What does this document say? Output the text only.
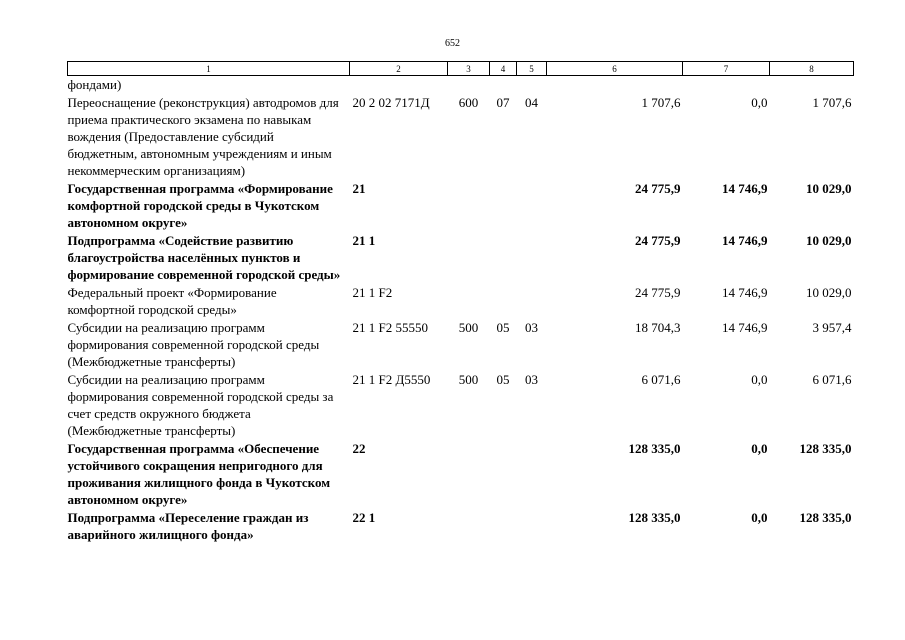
652
1	2	3	4	5	6	7	8
фондами)							
Переоснащение (реконструкция) автодромов для приема практического экзамена по навыкам вождения (Предоставление субсидий бюджетным, автономным учреждениям и иным некоммерческим организациям)	20 2 02 7171Д	600	07	04	1 707,6	0,0	1 707,6
Государственная программа «Формирование комфортной городской среды в Чукотском автономном округе»	21				24 775,9	14 746,9	10 029,0
Подпрограмма «Содействие развитию благоустройства населённых пунктов и формирование современной городской среды»	21 1				24 775,9	14 746,9	10 029,0
Федеральный проект «Формирование комфортной городской среды»	21 1 F2				24 775,9	14 746,9	10 029,0
Субсидии на реализацию программ формирования современной городской среды (Межбюджетные трансферты)	21 1 F2 55550	500	05	03	18 704,3	14 746,9	3 957,4
Субсидии на реализацию программ формирования современной городской среды за счет средств окружного бюджета (Межбюджетные трансферты)	21 1 F2 Д5550	500	05	03	6 071,6	0,0	6 071,6
Государственная программа «Обеспечение устойчивого сокращения непригодного для проживания жилищного фонда в Чукотском автономном округе»	22				128 335,0	0,0	128 335,0
Подпрограмма «Переселение граждан из аварийного жилищного фонда»	22 1				128 335,0	0,0	128 335,0
